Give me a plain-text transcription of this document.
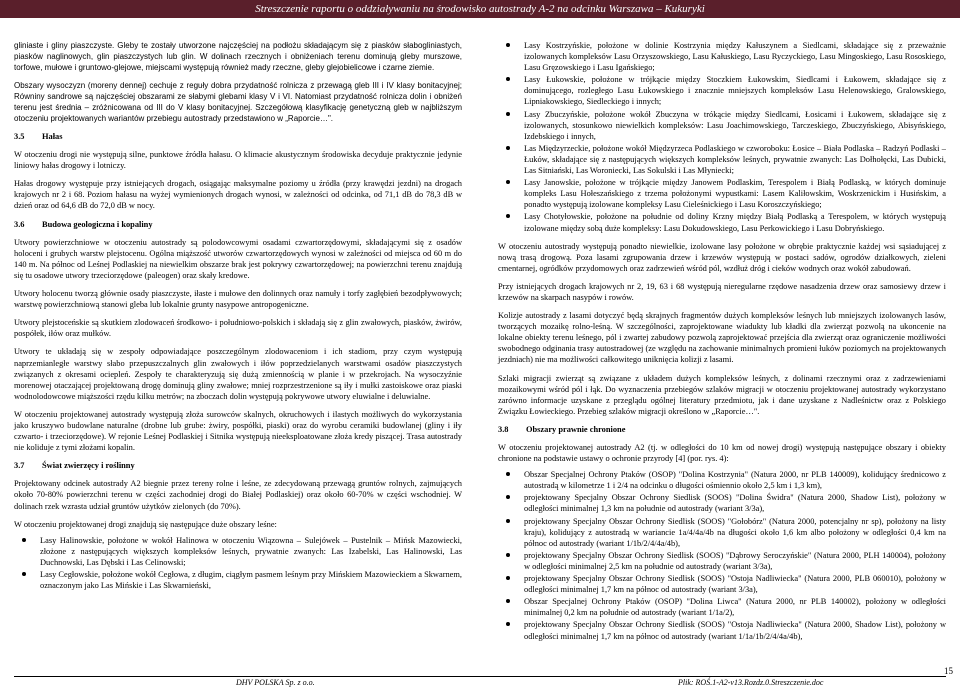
Streszczenie raportu o oddziaływaniu na środowisko autostrady A-2 na odcinku Warszawa – Kukuryki

gliniaste i gliny piaszczyste. Gleby te zostały utworzone najczęściej na podłożu składającym się z piasków słabogliniastych, piasków naglinowych, glin piaszczystych lub glin. W dolinach rzecznych i obniżeniach terenu dominują gleby murszowe, torfowe, mułowe i gruntowo-glejowe, miejscami występują również mady rzeczne, gleby glejobielicowe i czarne ziemie.

Obszary wysoczyzn (moreny dennej) cechuje z reguły dobra przydatność rolnicza z przewagą gleb III i IV klasy bonitacyjnej; Równiny sandrowe są najczęściej obszarami ze słabymi glebami klasy V i VI. Natomiast przydatność rolnicza dolin i obniżeń terenu jest średnia – zróżnicowana od III do V klasy bonitacyjnej. Szczegółową klasyfikację genetyczną gleb w najbliższym otoczeniu projektowanych wariantów przebiegu autostrady przedstawiono w „Raporcie…".

3.5 Hałas

W otoczeniu drogi nie występują silne, punktowe źródła hałasu. O klimacie akustycznym środowiska decyduje praktycznie jedynie liniowy hałas drogowy i lotniczy.

Hałas drogowy występuje przy istniejących drogach, osiągając maksymalne poziomy u źródła (przy krawędzi jezdni) na drogach krajowych nr 2 i 68. Poziom hałasu na wyżej wymienionych drogach wynosi, w zależności od odcinka, od 71,1 dB do 78,3 dB w dzień oraz od 64,6 dB do 72,0 dB w nocy.

3.6 Budowa geologiczna i kopaliny

Utwory powierzchniowe w otoczeniu autostrady są polodowcowymi osadami czwartorzędowymi, składającymi się z osadów holoceni i grubych warstw plejstocenu. Ogólna miąższość utworów czwartorzędowych wynosi w zależności od miejsca od 60 m do 140 m. Na północ od Leśnej Podlaskiej na niewielkim obszarze brak jest pokrywy czwartorzędowej; na powierzchni terenu znajdują się tu osadowe utwory trzeciorzędowe (paleogen) oraz skały kredowe.

Utwory holocenu tworzą głównie osady piaszczyste, iłaste i mułowe den dolinnych oraz namuły i torfy zagłębień bezodpływowych; warstwę powierzchniową stanowi gleba lub lokalnie grunty nasypowe antropogeniczne.

Utwory plejstoceńskie są skutkiem zlodowaceń środkowo- i południowo-polskich i składają się z glin zwałowych, piasków, żwirów, pospółek, iłów oraz mułków.

Utwory te układają się w zespoły odpowiadające poszczególnym zlodowaceniom i ich stadiom, przy czym występują naprzemianległe warstwy słabo przepuszczalnych glin zwałowych i iłów poprzedzielanych warstwami osadów piaszczystych związanych z okresami ociepleń. Zespoły te charakteryzują się dużą zmiennością w planie i w przekrojach. Na wysoczyźnie morenowej otaczającej projektowaną drogę dominują gliny zwałowe; mniej rozprzestrzenione są iły i mułki zastoiskowe oraz piaski wodnolodowcowe miąższości rzędu kilku metrów; na zboczach dolin występują pokrywowe utwory eluwialne i deluwialne.

W otoczeniu projektowanej autostrady występują złoża surowców skalnych, okruchowych i ilastych możliwych do wykorzystania jako kruszywo budowlane naturalne (drobne lub grube: żwiry, pospółki, piaski) oraz do wyrobu ceramiki budowlanej (gliny i iły czwarto- i trzeciorzędowe). W rejonie Leśnej Podlaskiej i Sitnika występują nieeksploatowane złoża kredy piszącej. Trasa autostrady nie koliduje z tymi złożami kopalin.

3.7 Świat zwierzęcy i roślinny

Projektowany odcinek autostrady A2 biegnie przez tereny rolne i leśne, ze zdecydowaną przewagą gruntów rolnych, zajmujących około 70-80% powierzchni terenu w części zachodniej drogi do Białej Podlaskiej) oraz około 60-70% w części wschodniej. W dolinach rzek wzrasta udział gruntów użytków zielonych (do 70%).

W otoczeniu projektowanej drogi znajdują się następujące duże obszary leśne:

Lasy Halinowskie, położone w wokół Halinowa w otoczeniu Wiązowna – Sulejówek – Pustelnik – Mińsk Mazowiecki, złożone z następujących większych kompleksów leśnych, prywatnie zwanych: Las Izabelski, Las Halinowski, Las Duchnowski, Las Dębski i Las Celinowski;
Lasy Cegłowskie, położone wokół Cegłowa, z długim, ciągłym pasmem leśnym przy Mińskiem Mazowieckiem a Skwarnem, oznaczonym jako Las Mińskie i Las Skwarnieński,
Lasy Kostrzyńskie, położone w dolinie Kostrzynia między Kałuszynem a Siedlcami, składające się z przeważnie izolowanych kompleksów Lasu Orzyszowskiego, Lasu Kałuskiego, Lasu Ryczyckiego, Lasu Mingoskiego, Lasu Rososkiego, Lasu Gręzowskiego i Lasu Igańskiego;
Lasy Łukowskie, położone w trójkącie między Stoczkiem Łukowskim, Siedlcami i Łukowem, składające się z dominującego, rozległego Lasu Łukowskiego i znacznie mniejszych kompleksów Lasu Helenowskiego, Gralowskiego, Lipniakowskiego, Siedleckiego i innych;
Lasy Zbuczyńskie, położone wokół Zbuczyna w trókącie między Siedlcami, Łosicami i Łukowem, składające się z izolowanych, stosunkowo niewielkich kompleksów: Lasu Joachimowskiego, Tarczeskiego, Zbuczyńskiego, Abisyńskiego, Izdebskiego i innych,
Las Międzyrzeckie, położone wokół Międzyrzeca Podlaskiego w czworoboku: Łosice – Biała Podlaska – Radzyń Podlaski – Łuków, składające się z następujących większych kompleksów leśnych, prywatnie zwanych: Las Dołhołęcki, Las Dubicki, Las Sitniański, Las Woroniecki, Las Sokulski i Las Młyniecki;
Lasy Janowskie, położone w trójkącie między Janowem Podlaskim, Terespolem i Białą Podlaską, w których dominuje kompleks Lasu Hołeszańskiego z trzema położonymi wypustkami: Lasem Kaliłowskim, Woskrzenickim i Husińskim, a ponadto występują izolowane kompleksy Lasu Cieleśnickiego i Lasu Koroszczyńskiego;
Lasy Chotyłowskie, położone na południe od doliny Krzny między Białą Podlaską a Terespolem, w których występują izolowane między sobą duże kompleksy: Lasu Dokudowskiego, Lasu Perkowickiego i Lasu Dobryńskiego.

W otoczeniu autostrady występują ponadto niewielkie, izolowane lasy położone w obrębie praktycznie każdej wsi sąsiadującej z nową trasą drogową. Poza lasami zgrupowania drzew i krzewów występują w postaci sadów, ogrodów działkowych, zieleni cmentarnej, ogródków przydomowych oraz zadrzewień wśród pól, wzdłuż dróg i cieków wodnych oraz wokół zabudowań.

Przy istniejących drogach krajowych nr 2, 19, 63 i 68 występują nieregularne rzędowe nasadzenia drzew oraz samosiewy drzew i krzewów na skarpach nasypów i rowów.

Kolizje autostrady z lasami dotyczyć będą skrajnych fragmentów dużych kompleksów leśnych lub mniejszych izolowanych lasów, tworzących mozaikę rolno-leśną. W szczególności, zaprojektowane wiadukty lub kładki dla zwierząt pozwolą na ukoncenie na lokalne obiekty terenu leśnego, pól i zwartej zabudowy pozwolą zaprojektować przejścia dla zwierząt oraz ograniczenie możliwości swobodnego odginania trasy autostradowej (ze względu na zachowanie minimalnych promieni łuków poziomych na projektowanych jezdniach) nie ma możliwości całkowitego uniknięcia kolizji z lasami.

Szlaki migracji zwierząt są związane z układem dużych kompleksów leśnych, z dolinami rzecznymi oraz z zadrzewieniami mozaikowymi wśród pól i łąk. Do wyznaczenia przebiegów szlaków migracji w otoczeniu projektowanej autostrady wykorzystano zarówno informacje uzyskane z przeglądu ogólnej literatury przedmiotu, jak i dane uzyskane z Nadleśnictw oraz z Polskiego Związku Łowieckiego. Przebieg szlaków migracji określono w „Raporcie…".

3.8 Obszary prawnie chronione

W otoczeniu projektowanej autostrady A2 (tj. w odległości do 10 km od nowej drogi) występują następujące obszary i obiekty chronione na podstawie ustawy o ochronie przyrody [4] (por. rys. 4):

Obszar Specjalnej Ochrony Ptaków (OSOP) "Dolina Kostrzynia" (Natura 2000, nr PLB 140009), kolidujący średnicowo z autostradą w kilometrze 1 i 2/4 na odcinku o długości ośmiennio około 2,5 km i 1,3 km),
projektowany Specjalny Obszar Ochrony Siedlisk (SOOS) "Dolina Świdra" (Natura 2000, Shadow List), położony w odległości minimalnej 1,3 km na południe od autostrady (wariant 3/3a),
projektowany Specjalny Obszar Ochrony Siedlisk (SOOS) "Gołobórz" (Natura 2000, potencjalny nr sp), położony na listy kraju), kolidujący z autostradą w wariancie 1a/4/4a/4b na długości około 1,6 km albo położony w odległości 0,4 km na północ od autostrady (wariant 1/1b/2/4/4a/4b),
projektowany Specjalny Obszar Ochrony Siedlisk (SOOS) "Dąbrowy Seroczyńskie" (Natura 2000, PLH 140004), położony w odległości minimalnej 2,5 km na południe od autostrady (wariant 3/3a),
projektowany Specjalny Obszar Ochrony Siedlisk (SOOS) "Ostoja Nadliwiecka" (Natura 2000, PLB 060010), położony w odległości minimalnej 1,7 km na północ od autostrady (wariant 3/3a),
Obszar Specjalnej Ochrony Ptaków (OSOP) "Dolina Liwca" (Natura 2000, nr PLB 140002), położony w odległości minimalnej 0,2 km na południe od autostrady (wariant 1/1a/2),
projektowany Specjalny Obszar Ochrony Siedlisk (SOOS) "Ostoja Nadliwiecka" (Natura 2000, Shadow List), położony w odległości minimalnej 1,7 km na północ od autostrady (wariant 1/1a/1b/2/4/4a/4b),
15
DHV POLSKA Sp. z o.o.	Plik: ROŚ.1-A2-v13.Rozdz.0.Streszczenie.doc
